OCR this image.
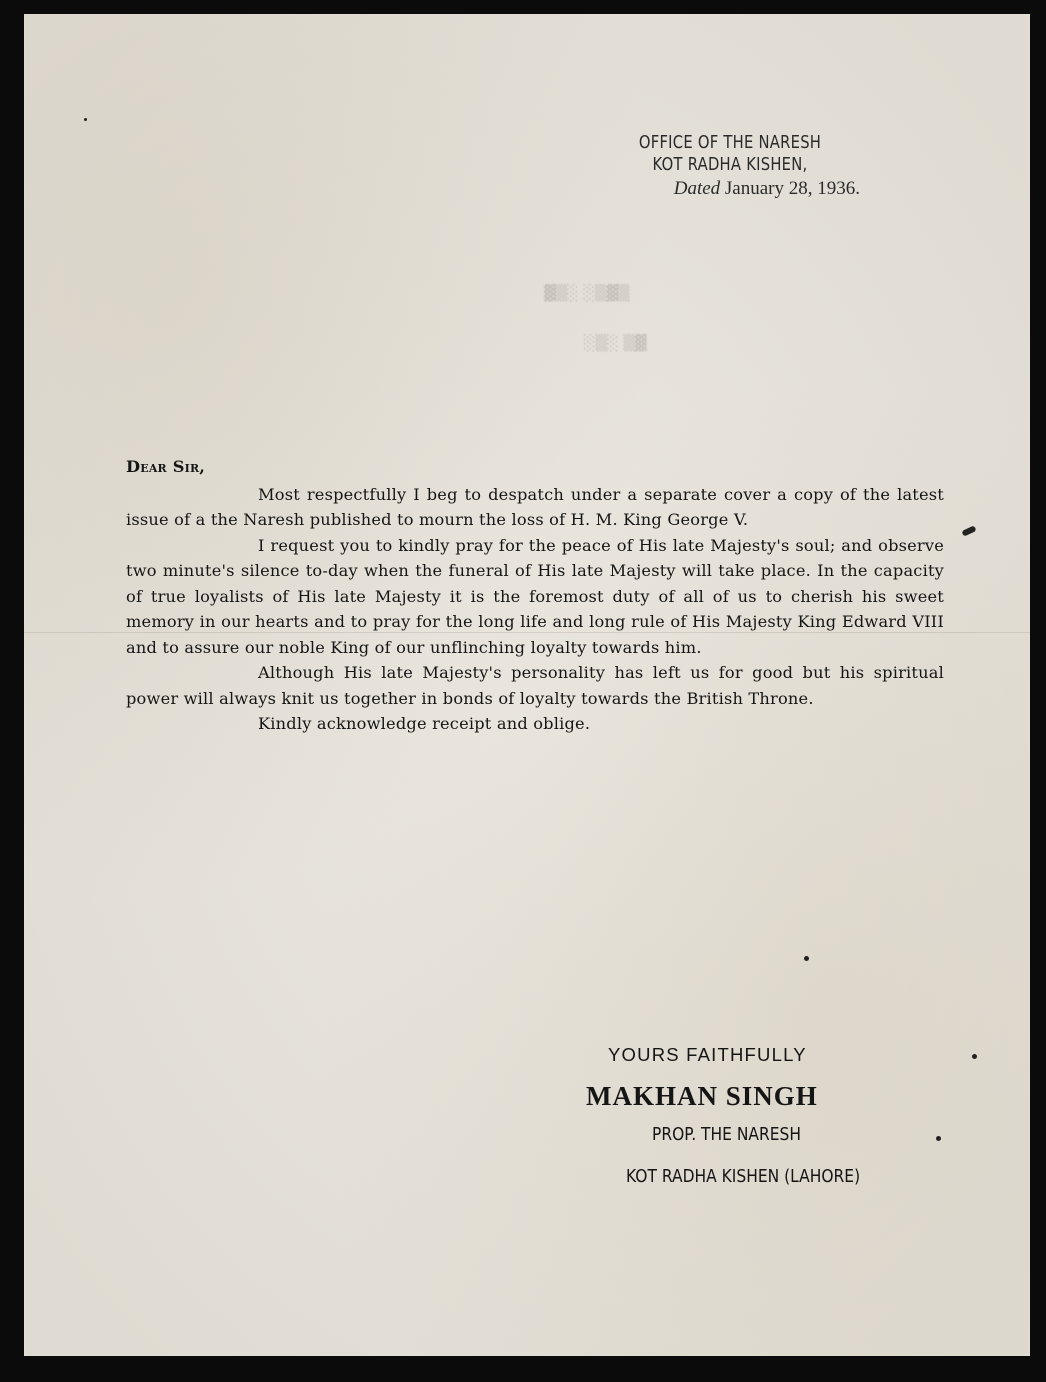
▓▒░ ░▒▓▒
░▒░ ▒▓
OFFICE OF THE NARESH
KOT RADHA KISHEN,
Dated January 28, 1936.
Dear Sir,
Most respectfully I beg to despatch under a separate cover a copy of the latest issue of a the Naresh published to mourn the loss of H. M. King George V.
I request you to kindly pray for the peace of His late Majesty's soul; and observe two minute's silence to-day when the funeral of His late Majesty will take place. In the capacity of true loyalists of His late Majesty it is the foremost duty of all of us to cherish his sweet memory in our hearts and to pray for the long life and long rule of His Majesty King Edward VIII and to assure our noble King of our unflinching loyalty towards him.
Although His late Majesty's personality has left us for good but his spiritual power will always knit us together in bonds of loyalty towards the British Throne.
Kindly acknowledge receipt and oblige.
YOURS FAITHFULLY
MAKHAN SINGH
PROP. THE NARESH
KOT RADHA KISHEN (LAHORE)
